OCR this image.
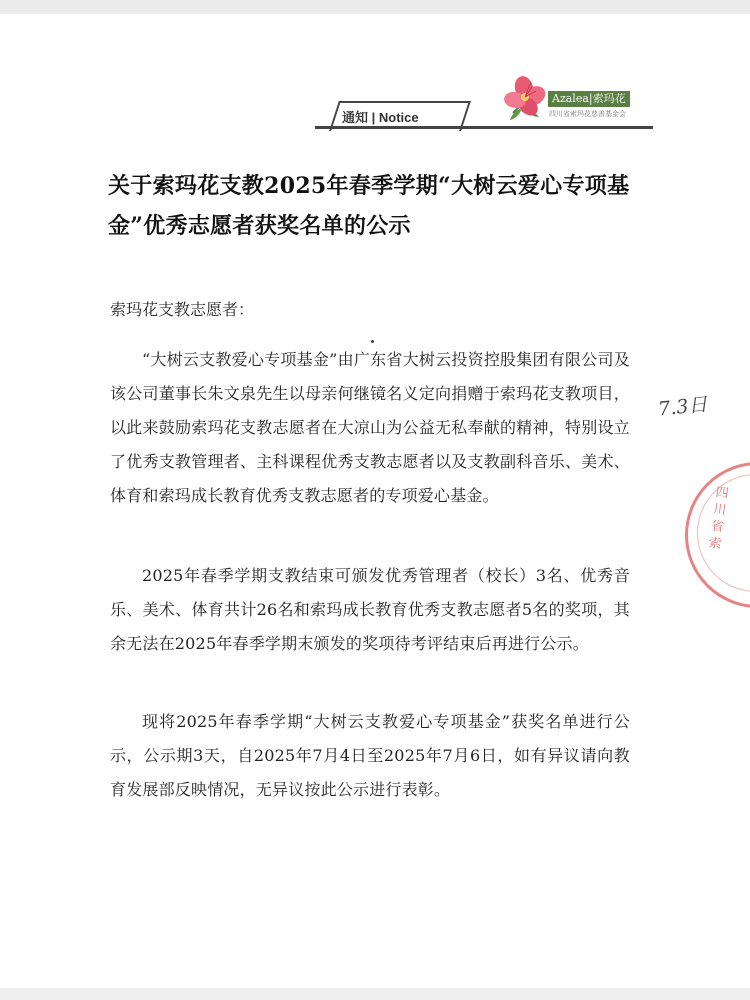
通知 | Notice
Azalea|索玛花
四川省索玛花慈善基金会
关于索玛花支教2025年春季学期“大树云爱心专项基金”优秀志愿者获奖名单的公示
索玛花支教志愿者：

“大树云支教爱心专项基金”由广东省大树云投资控股集团有限公司及该公司董事长朱文泉先生以母亲何继镜名义定向捐赠于索玛花支教项目，以此来鼓励索玛花支教志愿者在大凉山为公益无私奉献的精神，特别设立了优秀支教管理者、主科课程优秀支教志愿者以及支教副科音乐、美术、体育和索玛成长教育优秀支教志愿者的专项爱心基金。

2025年春季学期支教结束可颁发优秀管理者（校长）3名、优秀音乐、美术、体育共计26名和索玛成长教育优秀支教志愿者5名的奖项，其余无法在2025年春季学期末颁发的奖项待考评结束后再进行公示。

现将2025年春季学期“大树云支教爱心专项基金”获奖名单进行公示，公示期3天，自2025年7月4日至2025年7月6日，如有异议请向教育发展部反映情况，无异议按此公示进行表彰。

7.3日
四川省索
